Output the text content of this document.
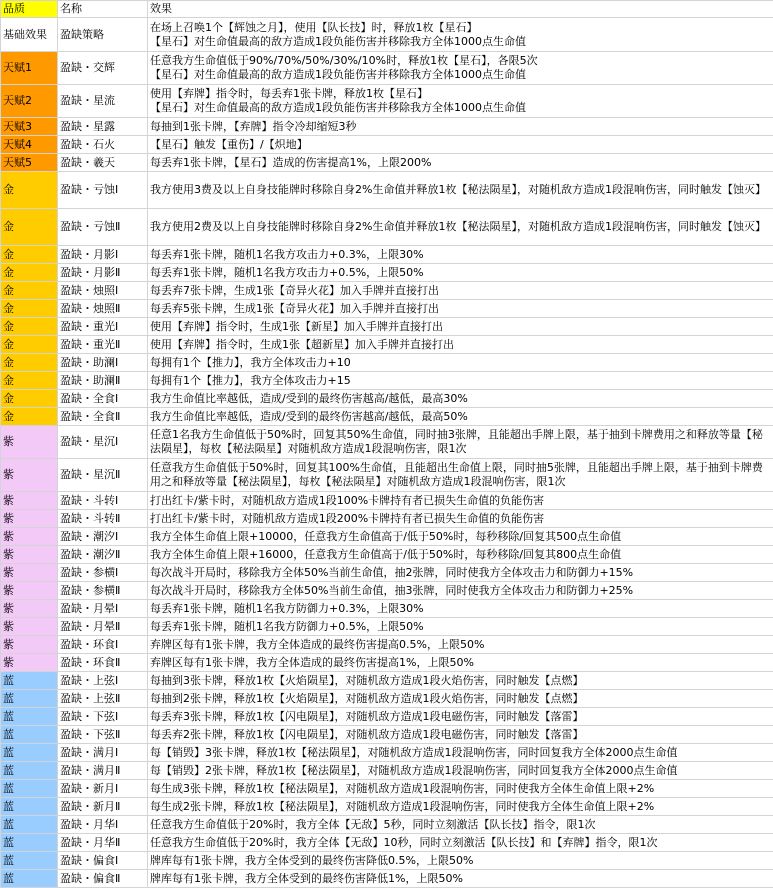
品质	名称	效果
基础效果	盈缺策略	在场上召唤1个【辉蚀之月】，使用【队长技】时，释放1枚【星石】
【星石】对生命值最高的敌方造成1段负能伤害并移除我方全体1000点生命值
天赋1	盈缺・交辉	任意我方生命值低于90%/70%/50%/30%/10%时，释放1枚【星石】，各限5次
【星石】对生命值最高的敌方造成1段负能伤害并移除我方全体1000点生命值
天赋2	盈缺・星流	使用【弃牌】指令时，每丢弃1张卡牌，释放1枚【星石】
【星石】对生命值最高的敌方造成1段负能伤害并移除我方全体1000点生命值
天赋3	盈缺・星露	每抽到1张卡牌，【弃牌】指令冷却缩短3秒
天赋4	盈缺・石火	【星石】触发【重伤】/【炽地】
天赋5	盈缺・羲天	每丢弃1张卡牌，【星石】造成的伤害提高1%，上限200%
金	盈缺・亏蚀Ⅰ	我方使用3费及以上自身技能牌时移除自身2%生命值并释放1枚【秘法陨星】，对随机敌方造成1段混响伤害，同时触发【蚀灭】
金	盈缺・亏蚀Ⅱ	我方使用2费及以上自身技能牌时移除自身2%生命值并释放1枚【秘法陨星】，对随机敌方造成1段混响伤害，同时触发【蚀灭】
金	盈缺・月影Ⅰ	每丢弃1张卡牌，随机1名我方攻击力+0.3%，上限30%
金	盈缺・月影Ⅱ	每丢弃1张卡牌，随机1名我方攻击力+0.5%，上限50%
金	盈缺・烛照Ⅰ	每丢弃7张卡牌，生成1张【奇异火花】加入手牌并直接打出
金	盈缺・烛照Ⅱ	每丢弃5张卡牌，生成1张【奇异火花】加入手牌并直接打出
金	盈缺・重光Ⅰ	使用【弃牌】指令时，生成1张【新星】加入手牌并直接打出
金	盈缺・重光Ⅱ	使用【弃牌】指令时，生成1张【超新星】加入手牌并直接打出
金	盈缺・助澜Ⅰ	每拥有1个【推力】，我方全体攻击力+10
金	盈缺・助澜Ⅱ	每拥有1个【推力】，我方全体攻击力+15
金	盈缺・全食Ⅰ	我方生命值比率越低，造成/受到的最终伤害越高/越低，最高30%
金	盈缺・全食Ⅱ	我方生命值比率越低，造成/受到的最终伤害越高/越低，最高50%
紫	盈缺・星沉Ⅰ	任意1名我方生命值低于50%时，回复其50%生命值，同时抽3张牌，且能超出手牌上限，基于抽到卡牌费用之和释放等量【秘法陨星】，每枚【秘法陨星】对随机敌方造成1段混响伤害，限1次
紫	盈缺・星沉Ⅱ	任意我方生命值低于50%时，回复其100%生命值，且能超出生命值上限，同时抽5张牌，且能超出手牌上限，基于抽到卡牌费用之和释放等量【秘法陨星】，每枚【秘法陨星】对随机敌方造成1段混响伤害，限1次
紫	盈缺・斗转Ⅰ	打出红卡/紫卡时，对随机敌方造成1段100%卡牌持有者已损失生命值的负能伤害
紫	盈缺・斗转Ⅱ	打出红卡/紫卡时，对随机敌方造成1段200%卡牌持有者已损失生命值的负能伤害
紫	盈缺・潮汐Ⅰ	我方全体生命值上限+10000，任意我方生命值高于/低于50%时，每秒移除/回复其500点生命值
紫	盈缺・潮汐Ⅱ	我方全体生命值上限+16000，任意我方生命值高于/低于50%时，每秒移除/回复其800点生命值
紫	盈缺・参横Ⅰ	每次战斗开局时，移除我方全体50%当前生命值，抽2张牌，同时使我方全体攻击力和防御力+15%
紫	盈缺・参横Ⅱ	每次战斗开局时，移除我方全体50%当前生命值，抽3张牌，同时使我方全体攻击力和防御力+25%
紫	盈缺・月晕Ⅰ	每丢弃1张卡牌，随机1名我方防御力+0.3%，上限30%
紫	盈缺・月晕Ⅱ	每丢弃1张卡牌，随机1名我方防御力+0.5%，上限50%
紫	盈缺・环食Ⅰ	弃牌区每有1张卡牌，我方全体造成的最终伤害提高0.5%，上限50%
紫	盈缺・环食Ⅱ	弃牌区每有1张卡牌，我方全体造成的最终伤害提高1%，上限50%
蓝	盈缺・上弦Ⅰ	每抽到3张卡牌，释放1枚【火焰陨星】，对随机敌方造成1段火焰伤害，同时触发【点燃】
蓝	盈缺・上弦Ⅱ	每抽到2张卡牌，释放1枚【火焰陨星】，对随机敌方造成1段火焰伤害，同时触发【点燃】
蓝	盈缺・下弦Ⅰ	每丢弃3张卡牌，释放1枚【闪电陨星】，对随机敌方造成1段电磁伤害，同时触发【落雷】
蓝	盈缺・下弦Ⅱ	每丢弃2张卡牌，释放1枚【闪电陨星】，对随机敌方造成1段电磁伤害，同时触发【落雷】
蓝	盈缺・满月Ⅰ	每【销毁】3张卡牌，释放1枚【秘法陨星】，对随机敌方造成1段混响伤害，同时回复我方全体2000点生命值
蓝	盈缺・满月Ⅱ	每【销毁】2张卡牌，释放1枚【秘法陨星】，对随机敌方造成1段混响伤害，同时回复我方全体2000点生命值
蓝	盈缺・新月Ⅰ	每生成3张卡牌，释放1枚【秘法陨星】，对随机敌方造成1段混响伤害，同时使我方全体生命值上限+2%
蓝	盈缺・新月Ⅱ	每生成2张卡牌，释放1枚【秘法陨星】，对随机敌方造成1段混响伤害，同时使我方全体生命值上限+2%
蓝	盈缺・月华Ⅰ	任意我方生命值低于20%时，我方全体【无敌】5秒，同时立刻激活【队长技】指令，限1次
蓝	盈缺・月华Ⅱ	任意我方生命值低于20%时，我方全体【无敌】10秒，同时立刻激活【队长技】和【弃牌】指令，限1次
蓝	盈缺・偏食Ⅰ	牌库每有1张卡牌，我方全体受到的最终伤害降低0.5%，上限50%
蓝	盈缺・偏食Ⅱ	牌库每有1张卡牌，我方全体受到的最终伤害降低1%，上限50%
